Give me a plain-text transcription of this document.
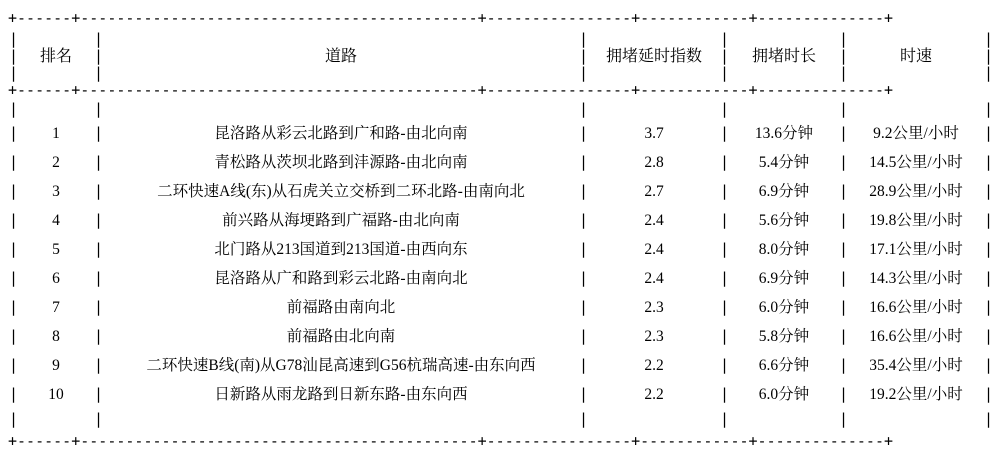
+------+--------------------------------------------+----------------+------------+--------------+
|		|		|		|		|		|
|	排名	|	道路	|	拥堵延时指数	|	拥堵时长	|	时速	|
|		|		|		|		|		|
+------+--------------------------------------------+----------------+------------+--------------+
|		|		|		|		|		|
|	1	|	昆洛路从彩云北路到广和路-由北向南	|	3.7	|	13.6分钟	|	9.2公里/小时	|
|	2	|	青松路从茨坝北路到沣源路-由北向南	|	2.8	|	5.4分钟	|	14.5公里/小时	|
|	3	|	二环快速A线(东)从石虎关立交桥到二环北路-由南向北	|	2.7	|	6.9分钟	|	28.9公里/小时	|
|	4	|	前兴路从海埂路到广福路-由北向南	|	2.4	|	5.6分钟	|	19.8公里/小时	|
|	5	|	北门路从213国道到213国道-由西向东	|	2.4	|	8.0分钟	|	17.1公里/小时	|
|	6	|	昆洛路从广和路到彩云北路-由南向北	|	2.4	|	6.9分钟	|	14.3公里/小时	|
|	7	|	前福路由南向北	|	2.3	|	6.0分钟	|	16.6公里/小时	|
|	8	|	前福路由北向南	|	2.3	|	5.8分钟	|	16.6公里/小时	|
|	9	|	二环快速B线(南)从G78汕昆高速到G56杭瑞高速-由东向西	|	2.2	|	6.6分钟	|	35.4公里/小时	|
|	10	|	日新路从雨龙路到日新东路-由东向西	|	2.2	|	6.0分钟	|	19.2公里/小时	|
|		|		|		|		|		|
+------+--------------------------------------------+----------------+------------+--------------+
